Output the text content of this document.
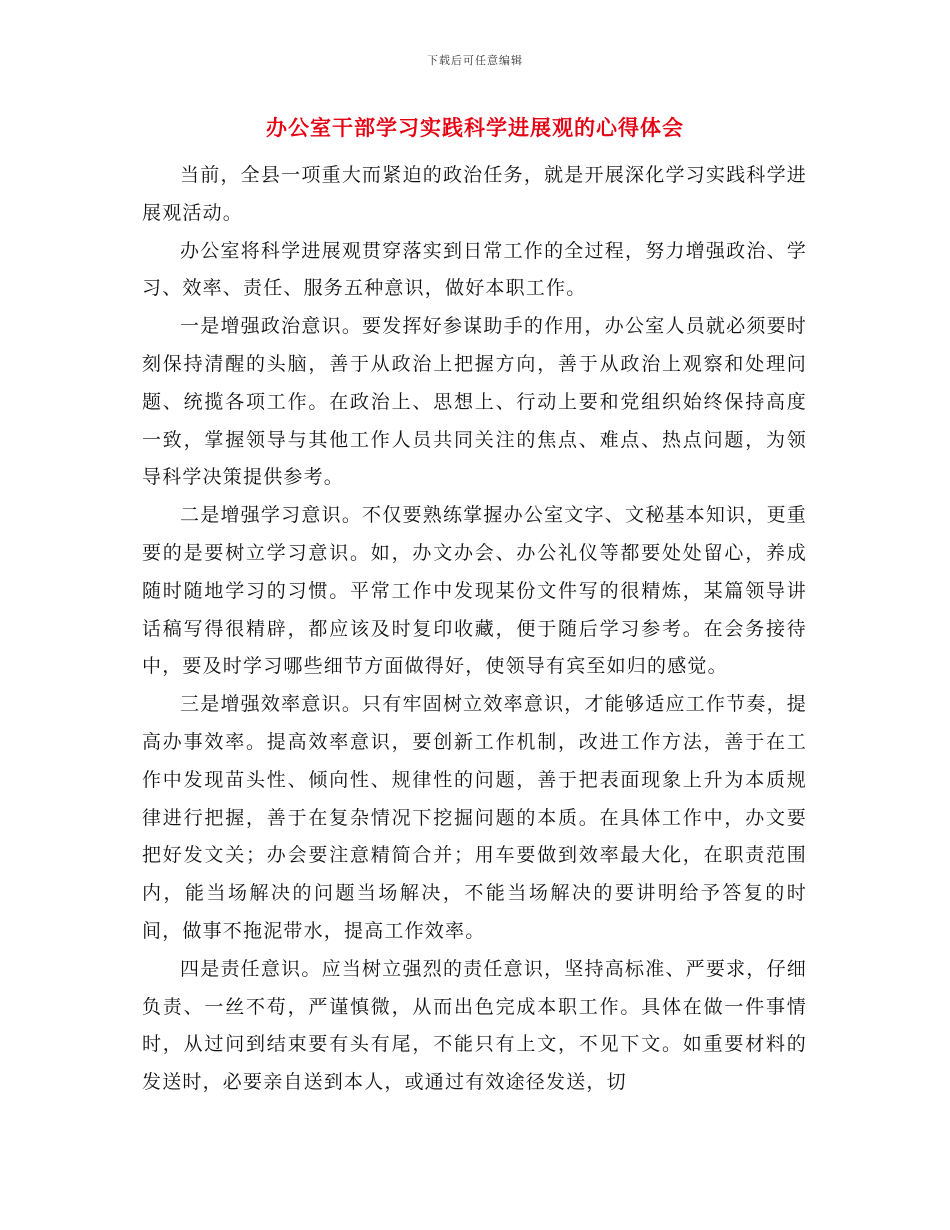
下载后可任意编辑
办公室干部学习实践科学进展观的心得体会

当前，全县一项重大而紧迫的政治任务，就是开展深化学习实践科学进展观活动。

办公室将科学进展观贯穿落实到日常工作的全过程，努力增强政治、学习、效率、责任、服务五种意识，做好本职工作。

一是增强政治意识。要发挥好参谋助手的作用，办公室人员就必须要时刻保持清醒的头脑，善于从政治上把握方向，善于从政治上观察和处理问题、统揽各项工作。在政治上、思想上、行动上要和党组织始终保持高度一致，掌握领导与其他工作人员共同关注的焦点、难点、热点问题，为领导科学决策提供参考。

二是增强学习意识。不仅要熟练掌握办公室文字、文秘基本知识，更重要的是要树立学习意识。如，办文办会、办公礼仪等都要处处留心，养成随时随地学习的习惯。平常工作中发现某份文件写的很精炼，某篇领导讲话稿写得很精辟，都应该及时复印收藏，便于随后学习参考。在会务接待中，要及时学习哪些细节方面做得好，使领导有宾至如归的感觉。

三是增强效率意识。只有牢固树立效率意识，才能够适应工作节奏，提高办事效率。提高效率意识，要创新工作机制，改进工作方法，善于在工作中发现苗头性、倾向性、规律性的问题，善于把表面现象上升为本质规律进行把握，善于在复杂情况下挖掘问题的本质。在具体工作中，办文要把好发文关；办会要注意精简合并；用车要做到效率最大化，在职责范围内，能当场解决的问题当场解决，不能当场解决的要讲明给予答复的时间，做事不拖泥带水，提高工作效率。

四是责任意识。应当树立强烈的责任意识，坚持高标准、严要求，仔细负责、一丝不苟，严谨慎微，从而出色完成本职工作。具体在做一件事情时，从过问到结束要有头有尾，不能只有上文，不见下文。如重要材料的发送时，必要亲自送到本人，或通过有效途径发送，切
